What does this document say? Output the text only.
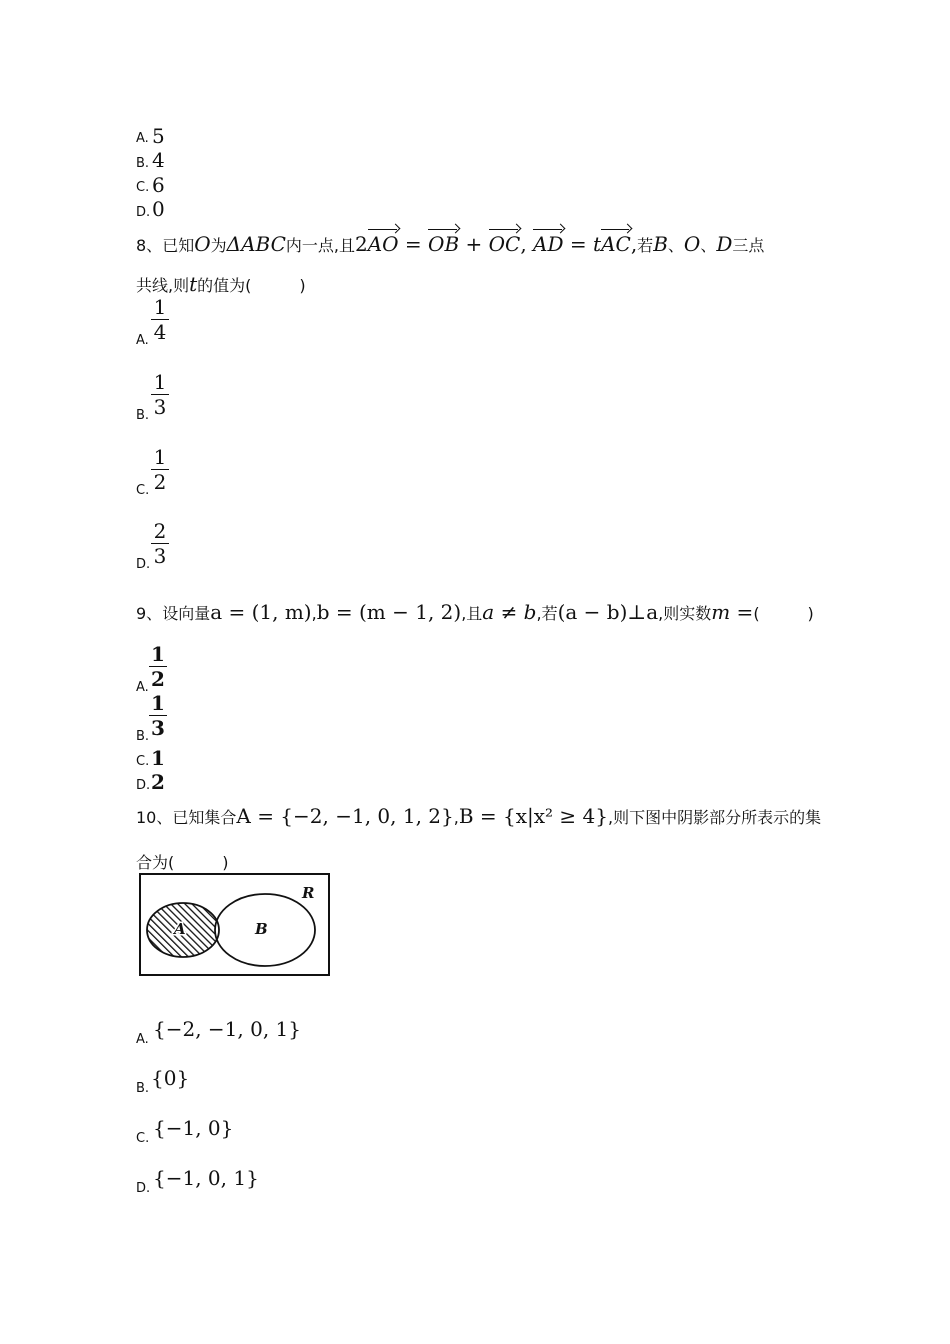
A. 5
B. 4
C. 6
D. 0
8、已知O为ΔABC内一点,且2AO = OB + OC, AD = tAC,若B、O、D三点
共线,则t的值为(　　　)
A.
1
4
B.
1
3
C.
1
2
D.
2
3
9、设向量a = (1, m),b = (m − 1, 2),且a ≠ b,若(a − b)⊥a,则实数m =(　　　)
A.
1
2
B.
1
3
C. 1
D. 2
10、已知集合A = {−2, −1, 0, 1, 2},B = {x|x² ≥ 4},则下图中阴影部分所表示的集
合为(　　　)
R
A	B
A. {−2, −1, 0, 1}
B. {0}
C. {−1, 0}
D. {−1, 0, 1}
